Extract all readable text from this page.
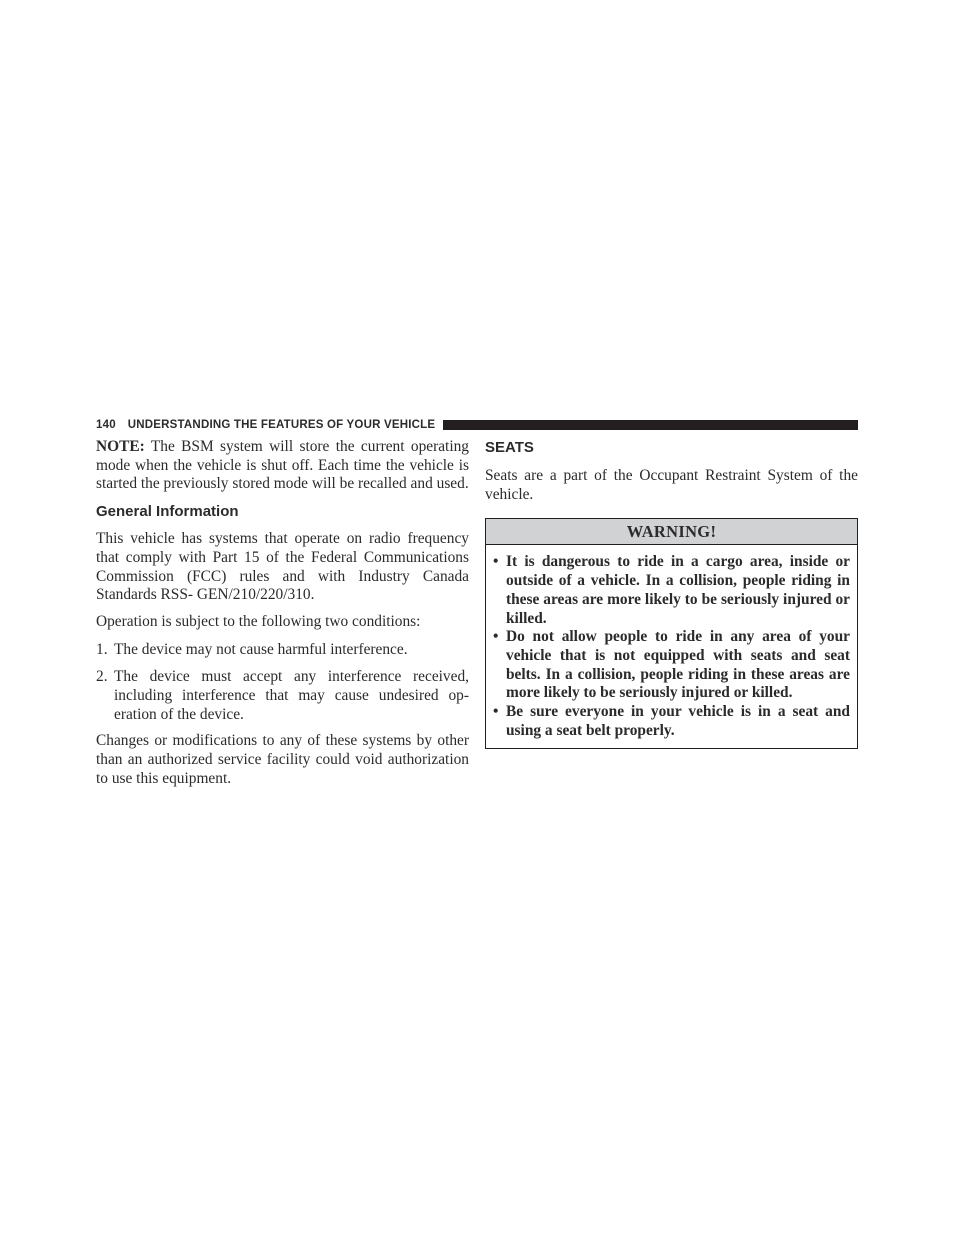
140 UNDERSTANDING THE FEATURES OF YOUR VEHICLE

NOTE: The BSM system will store the current operating mode when the vehicle is shut off. Each time the vehicle is started the previously stored mode will be recalled and used.

General Information

This vehicle has systems that operate on radio frequency that comply with Part 15 of the Federal Communications Commission (FCC) rules and with Industry Canada Standards RSS- GEN/210/220/310.

Operation is subject to the following two conditions:

1. The device may not cause harmful interference.
2. The device must accept any interference received, including interference that may cause undesired op-eration of the device.

Changes or modifications to any of these systems by other than an authorized service facility could void authorization to use this equipment.

SEATS

Seats are a part of the Occupant Restraint System of the vehicle.

WARNING!
• It is dangerous to ride in a cargo area, inside or outside of a vehicle. In a collision, people riding in these areas are more likely to be seriously injured or killed.
• Do not allow people to ride in any area of your vehicle that is not equipped with seats and seat belts. In a collision, people riding in these areas are more likely to be seriously injured or killed.
• Be sure everyone in your vehicle is in a seat and using a seat belt properly.
